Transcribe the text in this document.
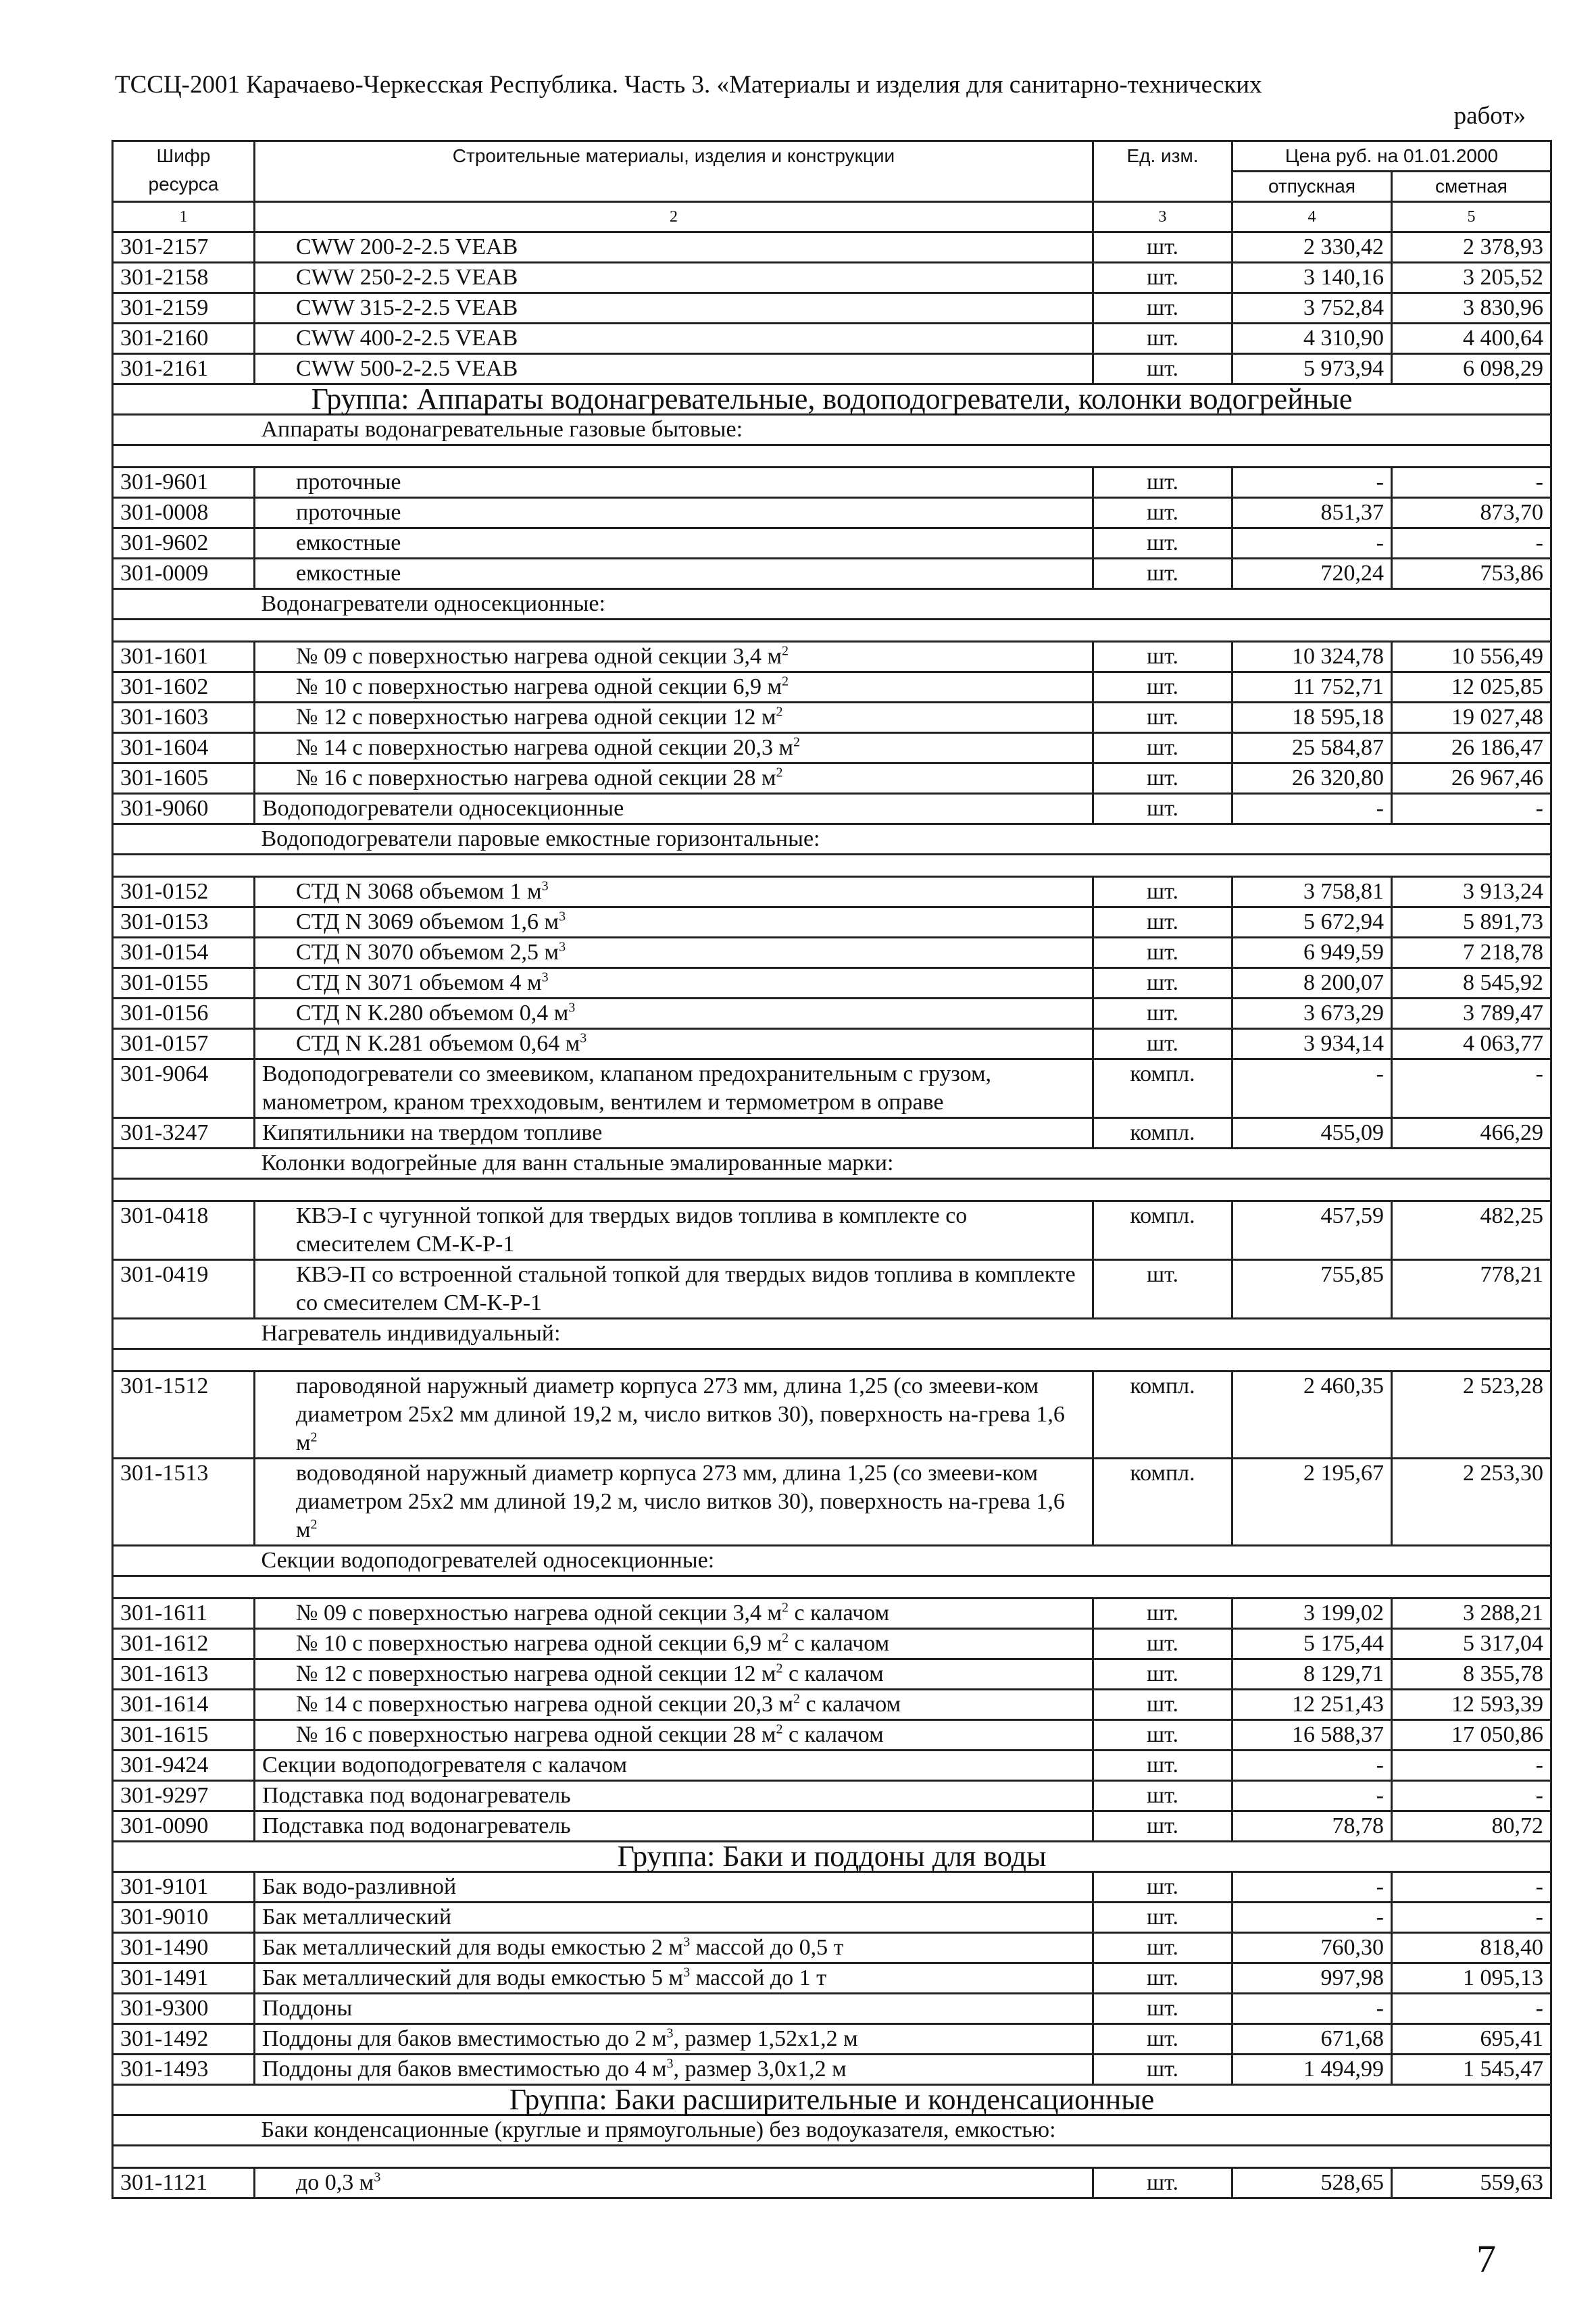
ТССЦ-2001 Карачаево-Черкесская Республика. Часть 3. «Материалы и изделия для санитарно-технических
работ»
Шифр ресурса	Строительные материалы, изделия и конструкции	Ед. изм.	Цена руб. на 01.01.2000	
			отпускная	сметная
1	2	3	4	5
301-2157	CWW 200-2-2.5 VEAB	шт.	2 330,42	2 378,93
301-2158	CWW 250-2-2.5 VEAB	шт.	3 140,16	3 205,52
301-2159	CWW 315-2-2.5 VEAB	шт.	3 752,84	3 830,96
301-2160	CWW 400-2-2.5 VEAB	шт.	4 310,90	4 400,64
301-2161	CWW 500-2-2.5 VEAB	шт.	5 973,94	6 098,29
Группа: Аппараты водонагревательные, водоподогреватели, колонки водогрейные				
	Аппараты водонагревательные газовые бытовые:			

301-9601	проточные	шт.	-	-
301-0008	проточные	шт.	851,37	873,70
301-9602	емкостные	шт.	-	-
301-0009	емкостные	шт.	720,24	753,86
	Водонагреватели односекционные:			

301-1601	№ 09 с поверхностью нагрева одной секции 3,4 $м^2$	шт.	10 324,78	10 556,49
301-1602	№ 10 с поверхностью нагрева одной секции 6,9 $м^2$	шт.	11 752,71	12 025,85
301-1603	№ 12 с поверхностью нагрева одной секции 12 $м^2$	шт.	18 595,18	19 027,48
301-1604	№ 14 с поверхностью нагрева одной секции 20,3 $м^2$	шт.	25 584,87	26 186,47
301-1605	№ 16 с поверхностью нагрева одной секции 28 $м^2$	шт.	26 320,80	26 967,46
301-9060	Водоподогреватели односекционные	шт.	-	-
	Водоподогреватели паровые емкостные горизонтальные:			

301-0152	СТД N 3068 объемом 1 $м^3$	шт.	3 758,81	3 913,24
301-0153	СТД N 3069 объемом 1,6 $м^3$	шт.	5 672,94	5 891,73
301-0154	СТД N 3070 объемом 2,5 $м^3$	шт.	6 949,59	7 218,78
301-0155	СТД N 3071 объемом 4 $м^3$	шт.	8 200,07	8 545,92
301-0156	СТД N К.280 объемом 0,4 $м^3$	шт.	3 673,29	3 789,47
301-0157	СТД N К.281 объемом 0,64 $м^3$	шт.	3 934,14	4 063,77
301-9064	Водоподогреватели со змеевиком, клапаном предохранительным с грузом, манометром, краном трехходовым, вентилем и термометром в оправе	компл.	-	-
301-3247	Кипятильники на твердом топливе	компл.	455,09	466,29
	Колонки водогрейные для ванн стальные эмалированные марки:			

301-0418	КВЭ-I с чугунной топкой для твердых видов топлива в комплекте со смесителем СМ-К-Р-1	компл.	457,59	482,25
301-0419	КВЭ-П со встроенной стальной топкой для твердых видов топлива в комплекте со смесителем СМ-К-Р-1	шт.	755,85	778,21
	Нагреватель индивидуальный:			

301-1512	пароводяной наружный диаметр корпуса 273 мм, длина 1,25 (со змееви-ком диаметром 25х2 мм длиной 19,2 м, число витков 30), поверхность на-грева 1,6 $м^2$	компл.	2 460,35	2 523,28
301-1513	водоводяной наружный диаметр корпуса 273 мм, длина 1,25 (со змееви-ком диаметром 25х2 мм длиной 19,2 м, число витков 30), поверхность на-грева 1,6 $м^2$	компл.	2 195,67	2 253,30
	Секции водоподогревателей односекционные:			

301-1611	№ 09 с поверхностью нагрева одной секции 3,4 $м^2$ с калачом	шт.	3 199,02	3 288,21
301-1612	№ 10 с поверхностью нагрева одной секции 6,9 $м^2$ с калачом	шт.	5 175,44	5 317,04
301-1613	№ 12 с поверхностью нагрева одной секции 12 $м^2$ с калачом	шт.	8 129,71	8 355,78
301-1614	№ 14 с поверхностью нагрева одной секции 20,3 $м^2$ с калачом	шт.	12 251,43	12 593,39
301-1615	№ 16 с поверхностью нагрева одной секции 28 $м^2$ с калачом	шт.	16 588,37	17 050,86
301-9424	Секции водоподогревателя с калачом	шт.	-	-
301-9297	Подставка под водонагреватель	шт.	-	-
301-0090	Подставка под водонагреватель	шт.	78,78	80,72
Группа: Баки и поддоны для воды				
301-9101	Бак водо-разливной	шт.	-	-
301-9010	Бак металлический	шт.	-	-
301-1490	Бак металлический для воды емкостью 2 $м^3$ массой до 0,5 т	шт.	760,30	818,40
301-1491	Бак металлический для воды емкостью 5 $м^3$ массой до 1 т	шт.	997,98	1 095,13
301-9300	Поддоны	шт.	-	-
301-1492	Поддоны для баков вместимостью до 2 $м^3$, размер 1,52х1,2 м	шт.	671,68	695,41
301-1493	Поддоны для баков вместимостью до 4 $м^3$, размер 3,0х1,2 м	шт.	1 494,99	1 545,47
Группа: Баки расширительные и конденсационные				
	Баки конденсационные (круглые и прямоугольные) без водоуказателя, емкостью:			

301-1121	до 0,3 $м^3$	шт.	528,65	559,63
7
